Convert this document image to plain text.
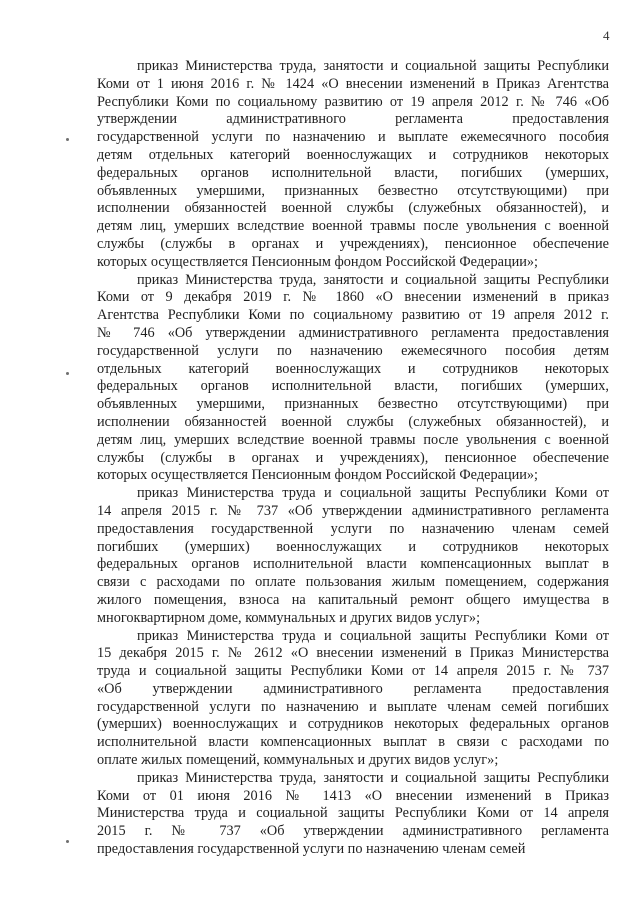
4
приказ Министерства труда, занятости и социальной защиты Республики
Коми от 1 июня 2016 г. № 1424 «О внесении изменений в Приказ Агентства
Республики Коми по социальному развитию от 19 апреля 2012 г. № 746 «Об
утверждении административного регламента предоставления
государственной услуги по назначению и выплате ежемесячного пособия
детям отдельных категорий военнослужащих и сотрудников некоторых
федеральных органов исполнительной власти, погибших (умерших,
объявленных умершими, признанных безвестно отсутствующими) при
исполнении обязанностей военной службы (служебных обязанностей), и
детям лиц, умерших вследствие военной травмы после увольнения с военной
службы (службы в органах и учреждениях), пенсионное обеспечение
которых осуществляется Пенсионным фондом Российской Федерации»;
приказ Министерства труда, занятости и социальной защиты Республики
Коми от 9 декабря 2019 г. № 1860 «О внесении изменений в приказ
Агентства Республики Коми по социальному развитию от 19 апреля 2012 г.
№ 746 «Об утверждении административного регламента предоставления
государственной услуги по назначению ежемесячного пособия детям
отдельных категорий военнослужащих и сотрудников некоторых
федеральных органов исполнительной власти, погибших (умерших,
объявленных умершими, признанных безвестно отсутствующими) при
исполнении обязанностей военной службы (служебных обязанностей), и
детям лиц, умерших вследствие военной травмы после увольнения с военной
службы (службы в органах и учреждениях), пенсионное обеспечение
которых осуществляется Пенсионным фондом Российской Федерации»;
приказ Министерства труда и социальной защиты Республики Коми от
14 апреля 2015 г. № 737 «Об утверждении административного регламента
предоставления государственной услуги по назначению членам семей
погибших (умерших) военнослужащих и сотрудников некоторых
федеральных органов исполнительной власти компенсационных выплат в
связи с расходами по оплате пользования жилым помещением, содержания
жилого помещения, взноса на капитальный ремонт общего имущества в
многоквартирном доме, коммунальных и других видов услуг»;
приказ Министерства труда и социальной защиты Республики Коми от
15 декабря 2015 г. № 2612 «О внесении изменений в Приказ Министерства
труда и социальной защиты Республики Коми от 14 апреля 2015 г. № 737
«Об утверждении административного регламента предоставления
государственной услуги по назначению и выплате членам семей погибших
(умерших) военнослужащих и сотрудников некоторых федеральных органов
исполнительной власти компенсационных выплат в связи с расходами по
оплате жилых помещений, коммунальных и других видов услуг»;
приказ Министерства труда, занятости и социальной защиты Республики
Коми от 01 июня 2016 № 1413 «О внесении изменений в Приказ
Министерства труда и социальной защиты Республики Коми от 14 апреля
2015 г. № 737 «Об утверждении административного регламента
предоставления государственной услуги по назначению членам семей
